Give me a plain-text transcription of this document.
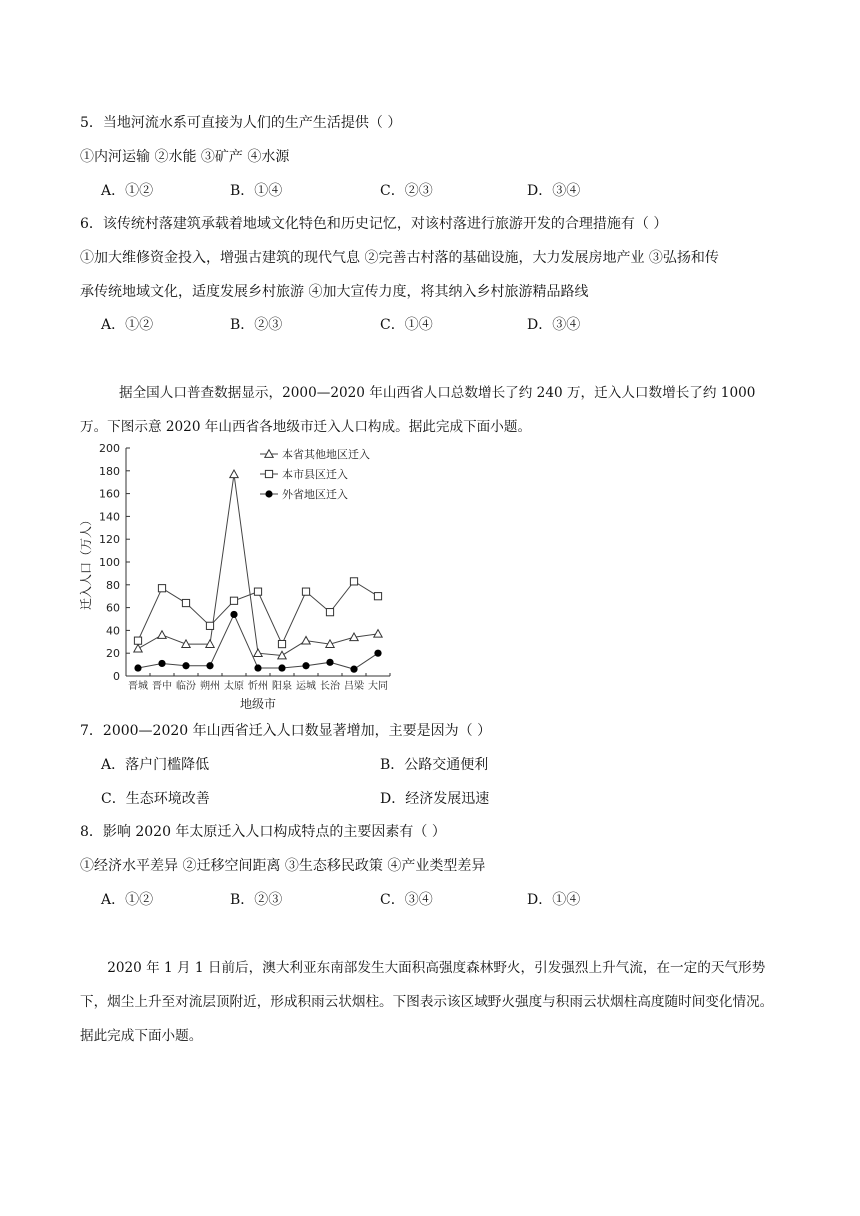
5．当地河流水系可直接为人们的生产生活提供（ ）
①内河运输 ②水能 ③矿产 ④水源
A．①②	B．①④	C．②③	D．③④
6．该传统村落建筑承载着地域文化特色和历史记忆，对该村落进行旅游开发的合理措施有（ ）
①加大维修资金投入，增强古建筑的现代气息 ②完善古村落的基础设施，大力发展房地产业 ③弘扬和传
承传统地域文化，适度发展乡村旅游 ④加大宣传力度，将其纳入乡村旅游精品路线
A．①②	B．②③	C．①④	D．③④
据全国人口普查数据显示，2000—2020 年山西省人口总数增长了约 240 万，迁入人口数增长了约 1000
万。下图示意 2020 年山西省各地级市迁入人口构成。据此完成下面小题。
0
20
40
60
80
100
120
140
160
180
200
晋城 晋中 临汾 朔州 太原 忻州 阳泉 运城 长治 吕梁 大同
地级市
迁入人口（万人）
本省其他地区迁入
本市县区迁入
外省地区迁入
7．2000—2020 年山西省迁入人口数显著增加，主要是因为（ ）
A．落户门槛降低	B．公路交通便利
C．生态环境改善	D．经济发展迅速
8．影响 2020 年太原迁入人口构成特点的主要因素有（ ）
①经济水平差异 ②迁移空间距离 ③生态移民政策 ④产业类型差异
A．①②	B．②③	C．③④	D．①④
2020 年 1 月 1 日前后，澳大利亚东南部发生大面积高强度森林野火，引发强烈上升气流，在一定的天气形势下，烟尘上升至对流层顶附近，形成积雨云状烟柱。下图表示该区域野火强度与积雨云状烟柱高度随时间变化情况。据此完成下面小题。
